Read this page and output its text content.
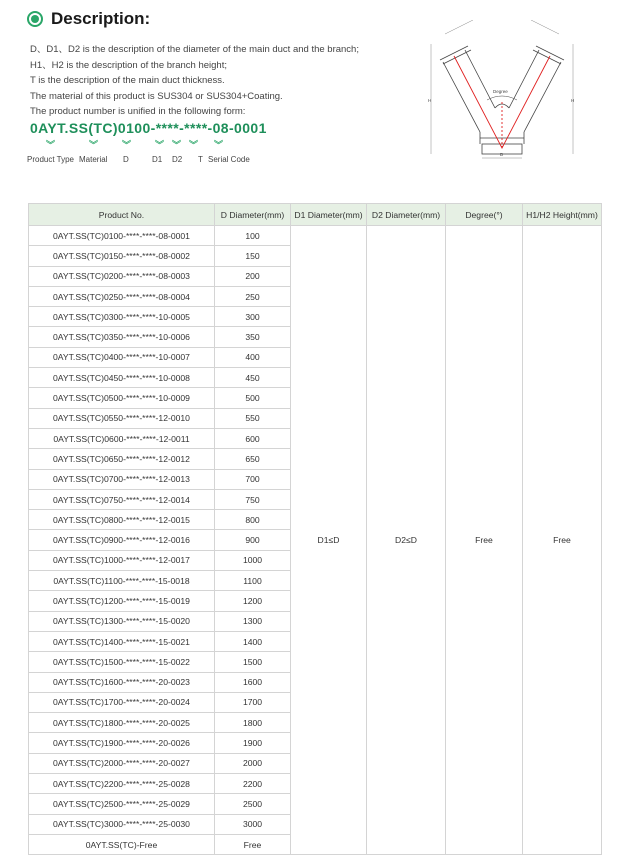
Description:
D、D1、D2 is the description of the diameter of the main duct and the branch;
H1、H2 is the description of the branch height;
T is the description of the main duct thickness.
The material of this product is SUS304 or SUS304+Coating.
The product number is unified in the following form:
0AYT.SS(TC)0100-****-****-08-0001
︾	︾	︾	︾ ︾ ︾ ︾
Product Type Material D	D1 D2 T Serial Code
Degree
D
H	H
Product No.	D Diameter(mm)	D1 Diameter(mm)	D2 Diameter(mm)	Degree(°)	H1/H2 Height(mm)
0AYT.SS(TC)0100-****-****-08-0001	100	D1≤D	D2≤D	Free	Free
0AYT.SS(TC)0150-****-****-08-0002	150				
0AYT.SS(TC)0200-****-****-08-0003	200				
0AYT.SS(TC)0250-****-****-08-0004	250				
0AYT.SS(TC)0300-****-****-10-0005	300				
0AYT.SS(TC)0350-****-****-10-0006	350				
0AYT.SS(TC)0400-****-****-10-0007	400				
0AYT.SS(TC)0450-****-****-10-0008	450				
0AYT.SS(TC)0500-****-****-10-0009	500				
0AYT.SS(TC)0550-****-****-12-0010	550				
0AYT.SS(TC)0600-****-****-12-0011	600				
0AYT.SS(TC)0650-****-****-12-0012	650				
0AYT.SS(TC)0700-****-****-12-0013	700				
0AYT.SS(TC)0750-****-****-12-0014	750				
0AYT.SS(TC)0800-****-****-12-0015	800				
0AYT.SS(TC)0900-****-****-12-0016	900				
0AYT.SS(TC)1000-****-****-12-0017	1000				
0AYT.SS(TC)1100-****-****-15-0018	1100				
0AYT.SS(TC)1200-****-****-15-0019	1200				
0AYT.SS(TC)1300-****-****-15-0020	1300				
0AYT.SS(TC)1400-****-****-15-0021	1400				
0AYT.SS(TC)1500-****-****-15-0022	1500				
0AYT.SS(TC)1600-****-****-20-0023	1600				
0AYT.SS(TC)1700-****-****-20-0024	1700				
0AYT.SS(TC)1800-****-****-20-0025	1800				
0AYT.SS(TC)1900-****-****-20-0026	1900				
0AYT.SS(TC)2000-****-****-20-0027	2000				
0AYT.SS(TC)2200-****-****-25-0028	2200				
0AYT.SS(TC)2500-****-****-25-0029	2500				
0AYT.SS(TC)3000-****-****-25-0030	3000				
0AYT.SS(TC)-Free	Free				
